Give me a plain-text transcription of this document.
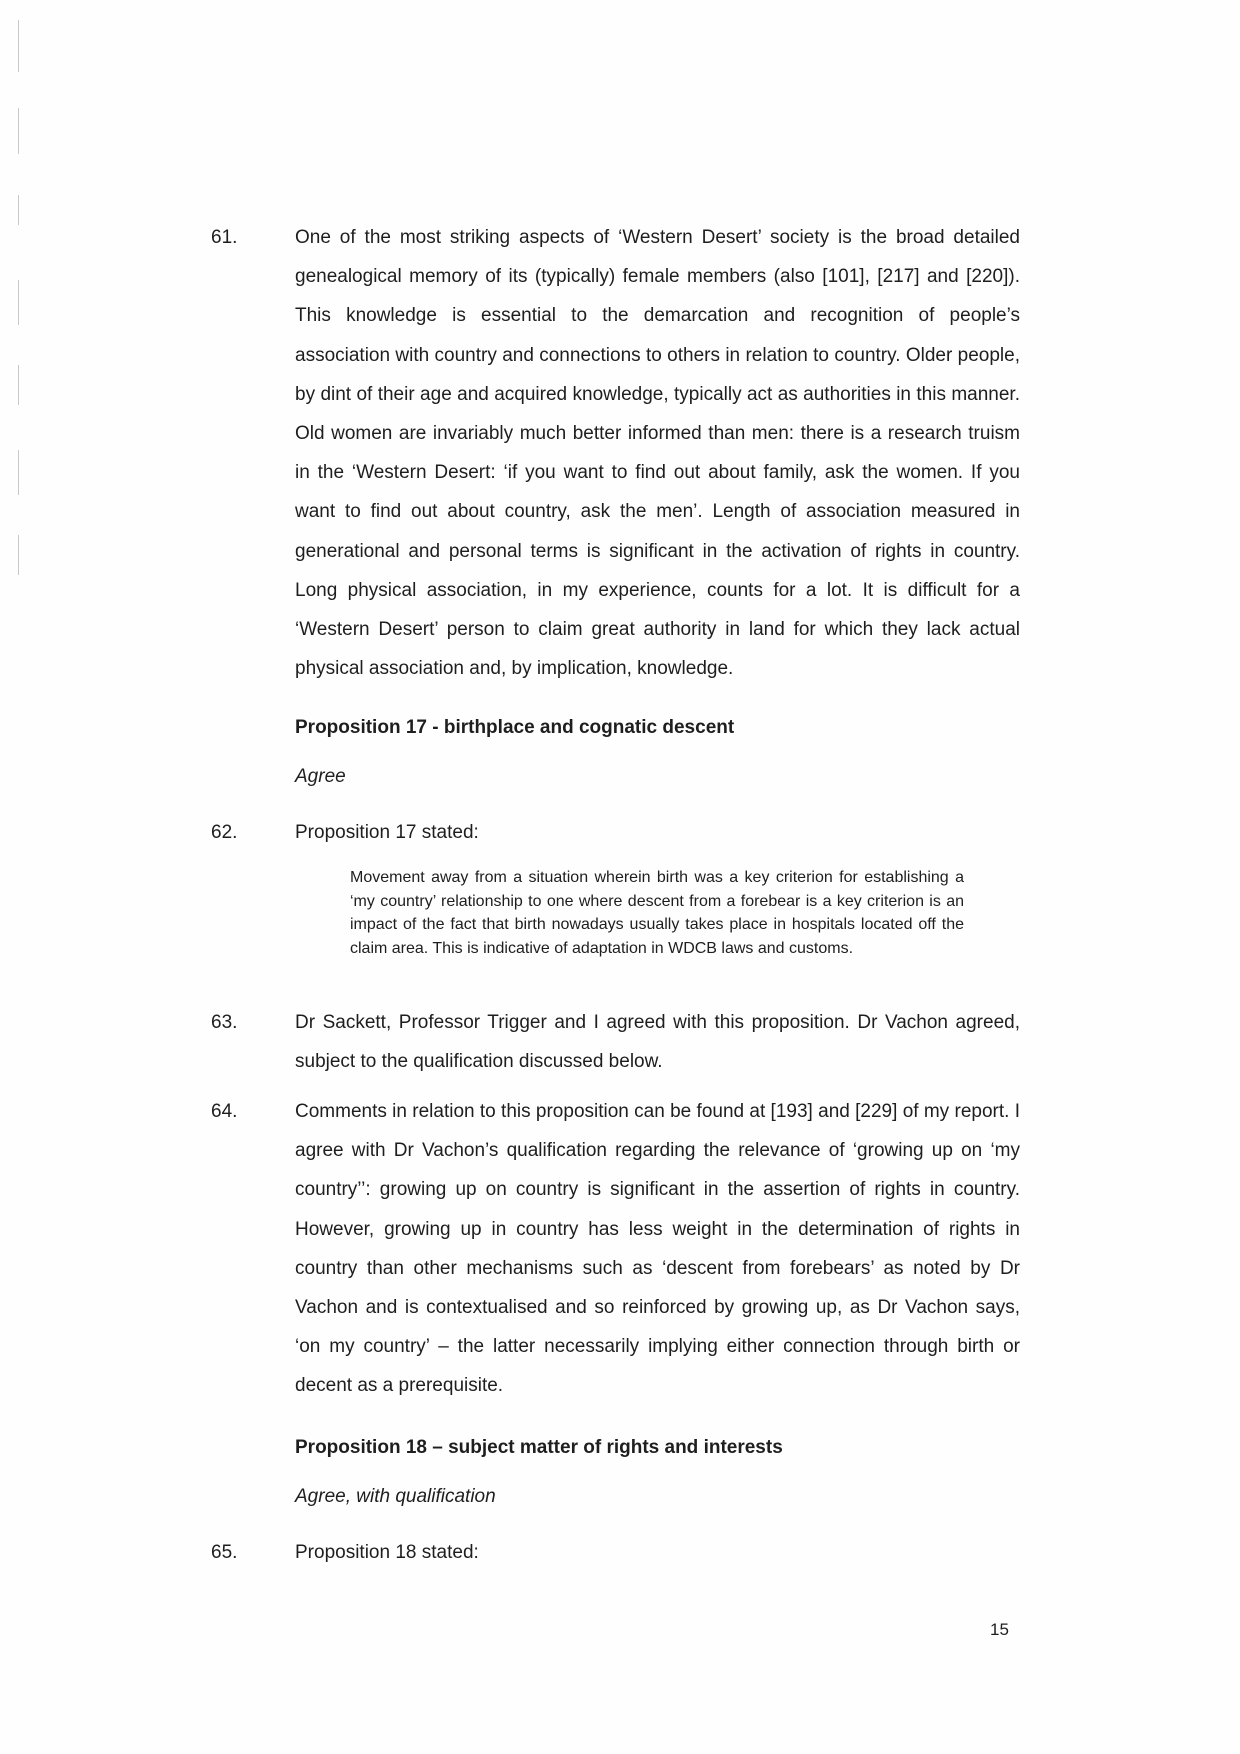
61.	One of the most striking aspects of ‘Western Desert’ society is the broad detailed genealogical memory of its (typically) female members (also [101], [217] and [220]). This knowledge is essential to the demarcation and recognition of people’s association with country and connections to others in relation to country. Older people, by dint of their age and acquired knowledge, typically act as authorities in this manner. Old women are invariably much better informed than men: there is a research truism in the ‘Western Desert: ‘if you want to find out about family, ask the women. If you want to find out about country, ask the men’. Length of association measured in generational and personal terms is significant in the activation of rights in country. Long physical association, in my experience, counts for a lot. It is difficult for a ‘Western Desert’ person to claim great authority in land for which they lack actual physical association and, by implication, knowledge.
Proposition 17 - birthplace and cognatic descent
Agree
62.	Proposition 17 stated:
Movement away from a situation wherein birth was a key criterion for establishing a ‘my country’ relationship to one where descent from a forebear is a key criterion is an impact of the fact that birth nowadays usually takes place in hospitals located off the claim area. This is indicative of adaptation in WDCB laws and customs.
63.	Dr Sackett, Professor Trigger and I agreed with this proposition. Dr Vachon agreed, subject to the qualification discussed below.
64.	Comments in relation to this proposition can be found at [193] and [229] of my report. I agree with Dr Vachon’s qualification regarding the relevance of ‘growing up on ‘my country’’: growing up on country is significant in the assertion of rights in country. However, growing up in country has less weight in the determination of rights in country than other mechanisms such as ‘descent from forebears’ as noted by Dr Vachon and is contextualised and so reinforced by growing up, as Dr Vachon says, ‘on my country’ – the latter necessarily implying either connection through birth or decent as a prerequisite.
Proposition 18 – subject matter of rights and interests
Agree, with qualification
65.	Proposition 18 stated:
15
